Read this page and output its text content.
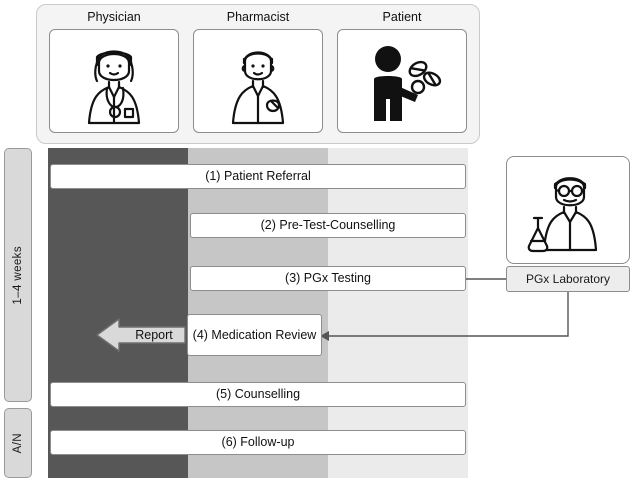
Physician	Pharmacist	Patient
1–4 weeks
A/N
(1) Patient Referral
(2) Pre-Test-Counselling
(3) PGx Testing
(4) Medication Review
(5) Counselling
(6) Follow-up
Report
PGx Laboratory
